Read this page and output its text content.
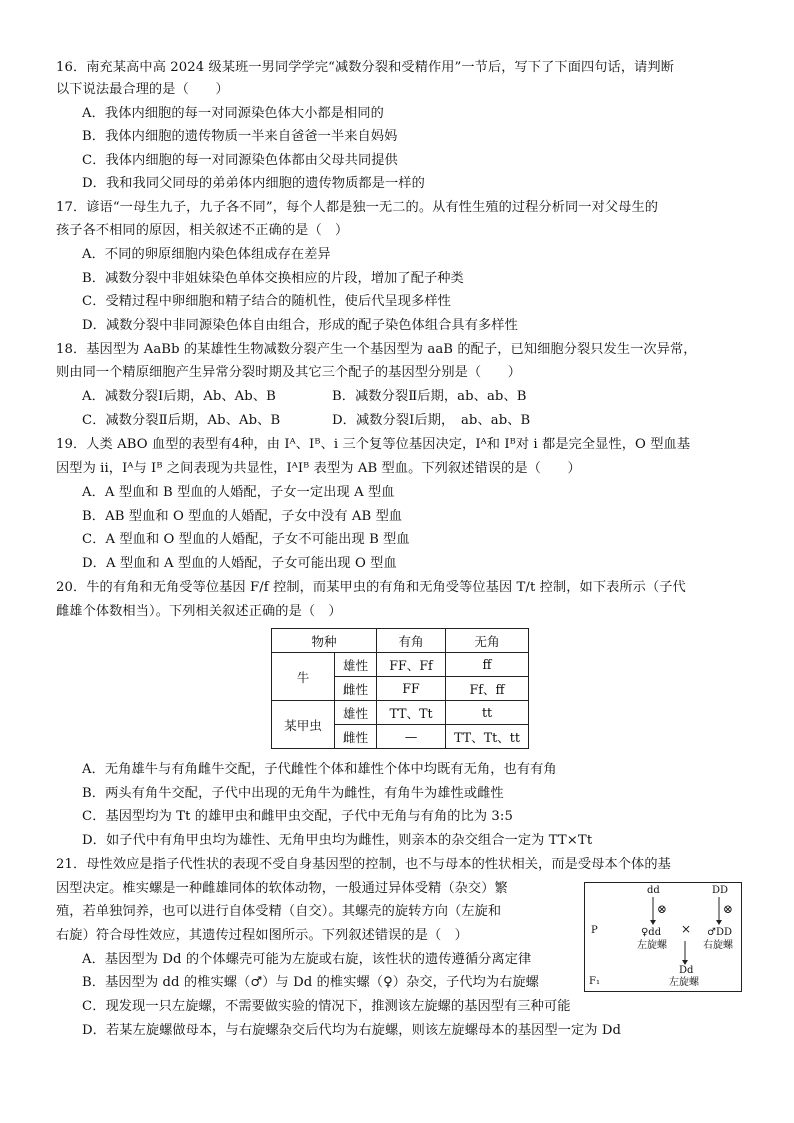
16．南充某高中高 2024 级某班一男同学学完“减数分裂和受精作用”一节后，写下了下面四句话，请判断
以下说法最合理的是（　　）
A．我体内细胞的每一对同源染色体大小都是相同的
B．我体内细胞的遗传物质一半来自爸爸一半来自妈妈
C．我体内细胞的每一对同源染色体都由父母共同提供
D．我和我同父同母的弟弟体内细胞的遗传物质都是一样的
17．谚语“一母生九子，九子各不同”，每个人都是独一无二的。从有性生殖的过程分析同一对父母生的
孩子各不相同的原因，相关叙述不正确的是（　）
A．不同的卵原细胞内染色体组成存在差异
B．减数分裂中非姐妹染色单体交换相应的片段，增加了配子种类
C．受精过程中卵细胞和精子结合的随机性，使后代呈现多样性
D．减数分裂中非同源染色体自由组合，形成的配子染色体组合具有多样性
18．基因型为 AaBb 的某雄性生物减数分裂产生一个基因型为 aaB 的配子，已知细胞分裂只发生一次异常，
则由同一个精原细胞产生异常分裂时期及其它三个配子的基因型分别是（　　）
A．减数分裂Ⅰ后期，Ab、Ab、B	B．减数分裂Ⅱ后期，ab、ab、B
C．减数分裂Ⅱ后期，Ab、Ab、B	D．减数分裂Ⅰ后期，　ab、ab、B
19．人类 ABO 血型的表型有4种，由 Iᴬ、Iᴮ、i 三个复等位基因决定，Iᴬ和 Iᴮ对 i 都是完全显性，O 型血基
因型为 ii，Iᴬ与 Iᴮ 之间表现为共显性，IᴬIᴮ 表型为 AB 型血。下列叙述错误的是（　　）
A．A 型血和 B 型血的人婚配，子女一定出现 A 型血
B．AB 型血和 O 型血的人婚配，子女中没有 AB 型血
C．A 型血和 O 型血的人婚配，子女不可能出现 B 型血
D．A 型血和 A 型血的人婚配，子女可能出现 O 型血
20．牛的有角和无角受等位基因 F/f 控制，而某甲虫的有角和无角受等位基因 T/t 控制，如下表所示（子代
雌雄个体数相当）。下列相关叙述正确的是（　）
物种		有角	无角
牛	雄性	FF、Ff	ff
	雌性	FF	Ff、ff
某甲虫	雄性	TT、Tt	tt
	雌性	—	TT、Tt、tt
A．无角雄牛与有角雌牛交配，子代雌性个体和雄性个体中均既有无角，也有有角
B．两头有角牛交配，子代中出现的无角牛为雌性，有角牛为雄性或雌性
C．基因型均为 Tt 的雄甲虫和雌甲虫交配，子代中无角与有角的比为 3:5
D．如子代中有角甲虫均为雄性、无角甲虫均为雌性，则亲本的杂交组合一定为 TT×Tt
21．母性效应是指子代性状的表现不受自身基因型的控制，也不与母本的性状相关，而是受母本个体的基
因型决定。椎实螺是一种雌雄同体的软体动物，一般通过异体受精（杂交）繁
殖，若单独饲养，也可以进行自体受精（自交）。其螺壳的旋转方向（左旋和
右旋）符合母性效应，其遗传过程如图所示。下列叙述错误的是（　）
A．基因型为 Dd 的个体螺壳可能为左旋或右旋，该性状的遗传遵循分离定律
B．基因型为 dd 的椎实螺（♂）与 Dd 的椎实螺（♀）杂交，子代均为右旋螺
C．现发现一只左旋螺，不需要做实验的情况下，推测该左旋螺的基因型有三种可能
D．若某左旋螺做母本，与右旋螺杂交后代均为右旋螺，则该左旋螺母本的基因型一定为 Dd
dd	DD
⊗	⊗
P	×
♀dd	♂DD
左旋螺	右旋螺
Dd
左旋螺
F₁
